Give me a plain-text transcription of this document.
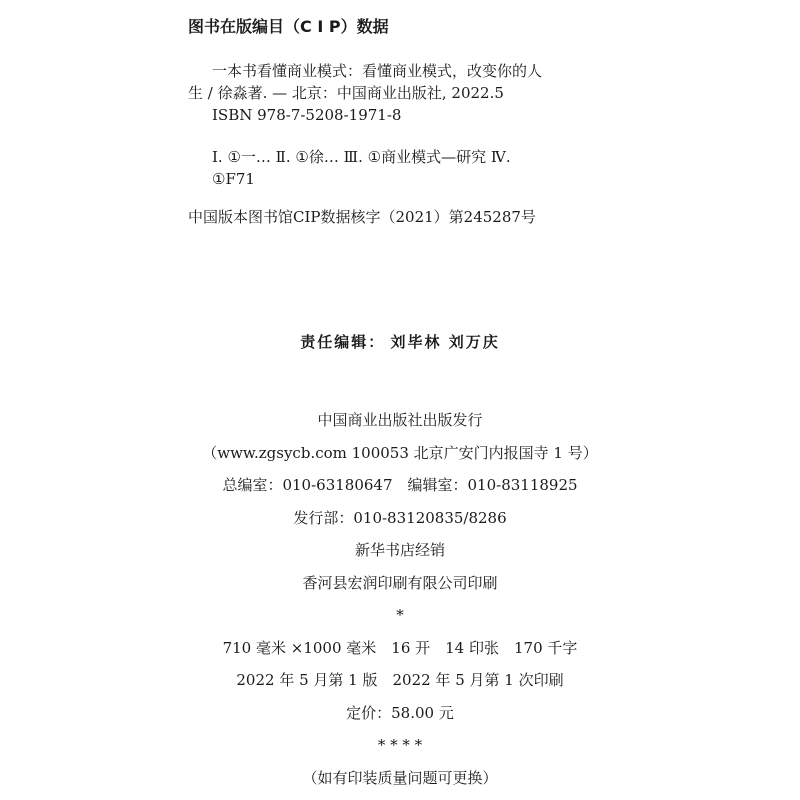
图书在版编目（C I P）数据
一本书看懂商业模式：看懂商业模式，改变你的人
生 / 徐淼著. — 北京：中国商业出版社, 2022.5
ISBN 978-7-5208-1971-8
Ⅰ. ①一… Ⅱ. ①徐… Ⅲ. ①商业模式—研究 Ⅳ.
①F71
中国版本图书馆CIP数据核字（2021）第245287号
责任编辑： 刘毕林 刘万庆
中国商业出版社出版发行
（www.zgsycb.com 100053 北京广安门内报国寺 1 号）
总编室：010-63180647　编辑室：010-83118925
发行部：010-83120835/8286
新华书店经销
香河县宏润印刷有限公司印刷
*
710 毫米 ×1000 毫米　16 开　14 印张　170 千字
2022 年 5 月第 1 版　2022 年 5 月第 1 次印刷
定价：58.00 元
* * * *
（如有印装质量问题可更换）
